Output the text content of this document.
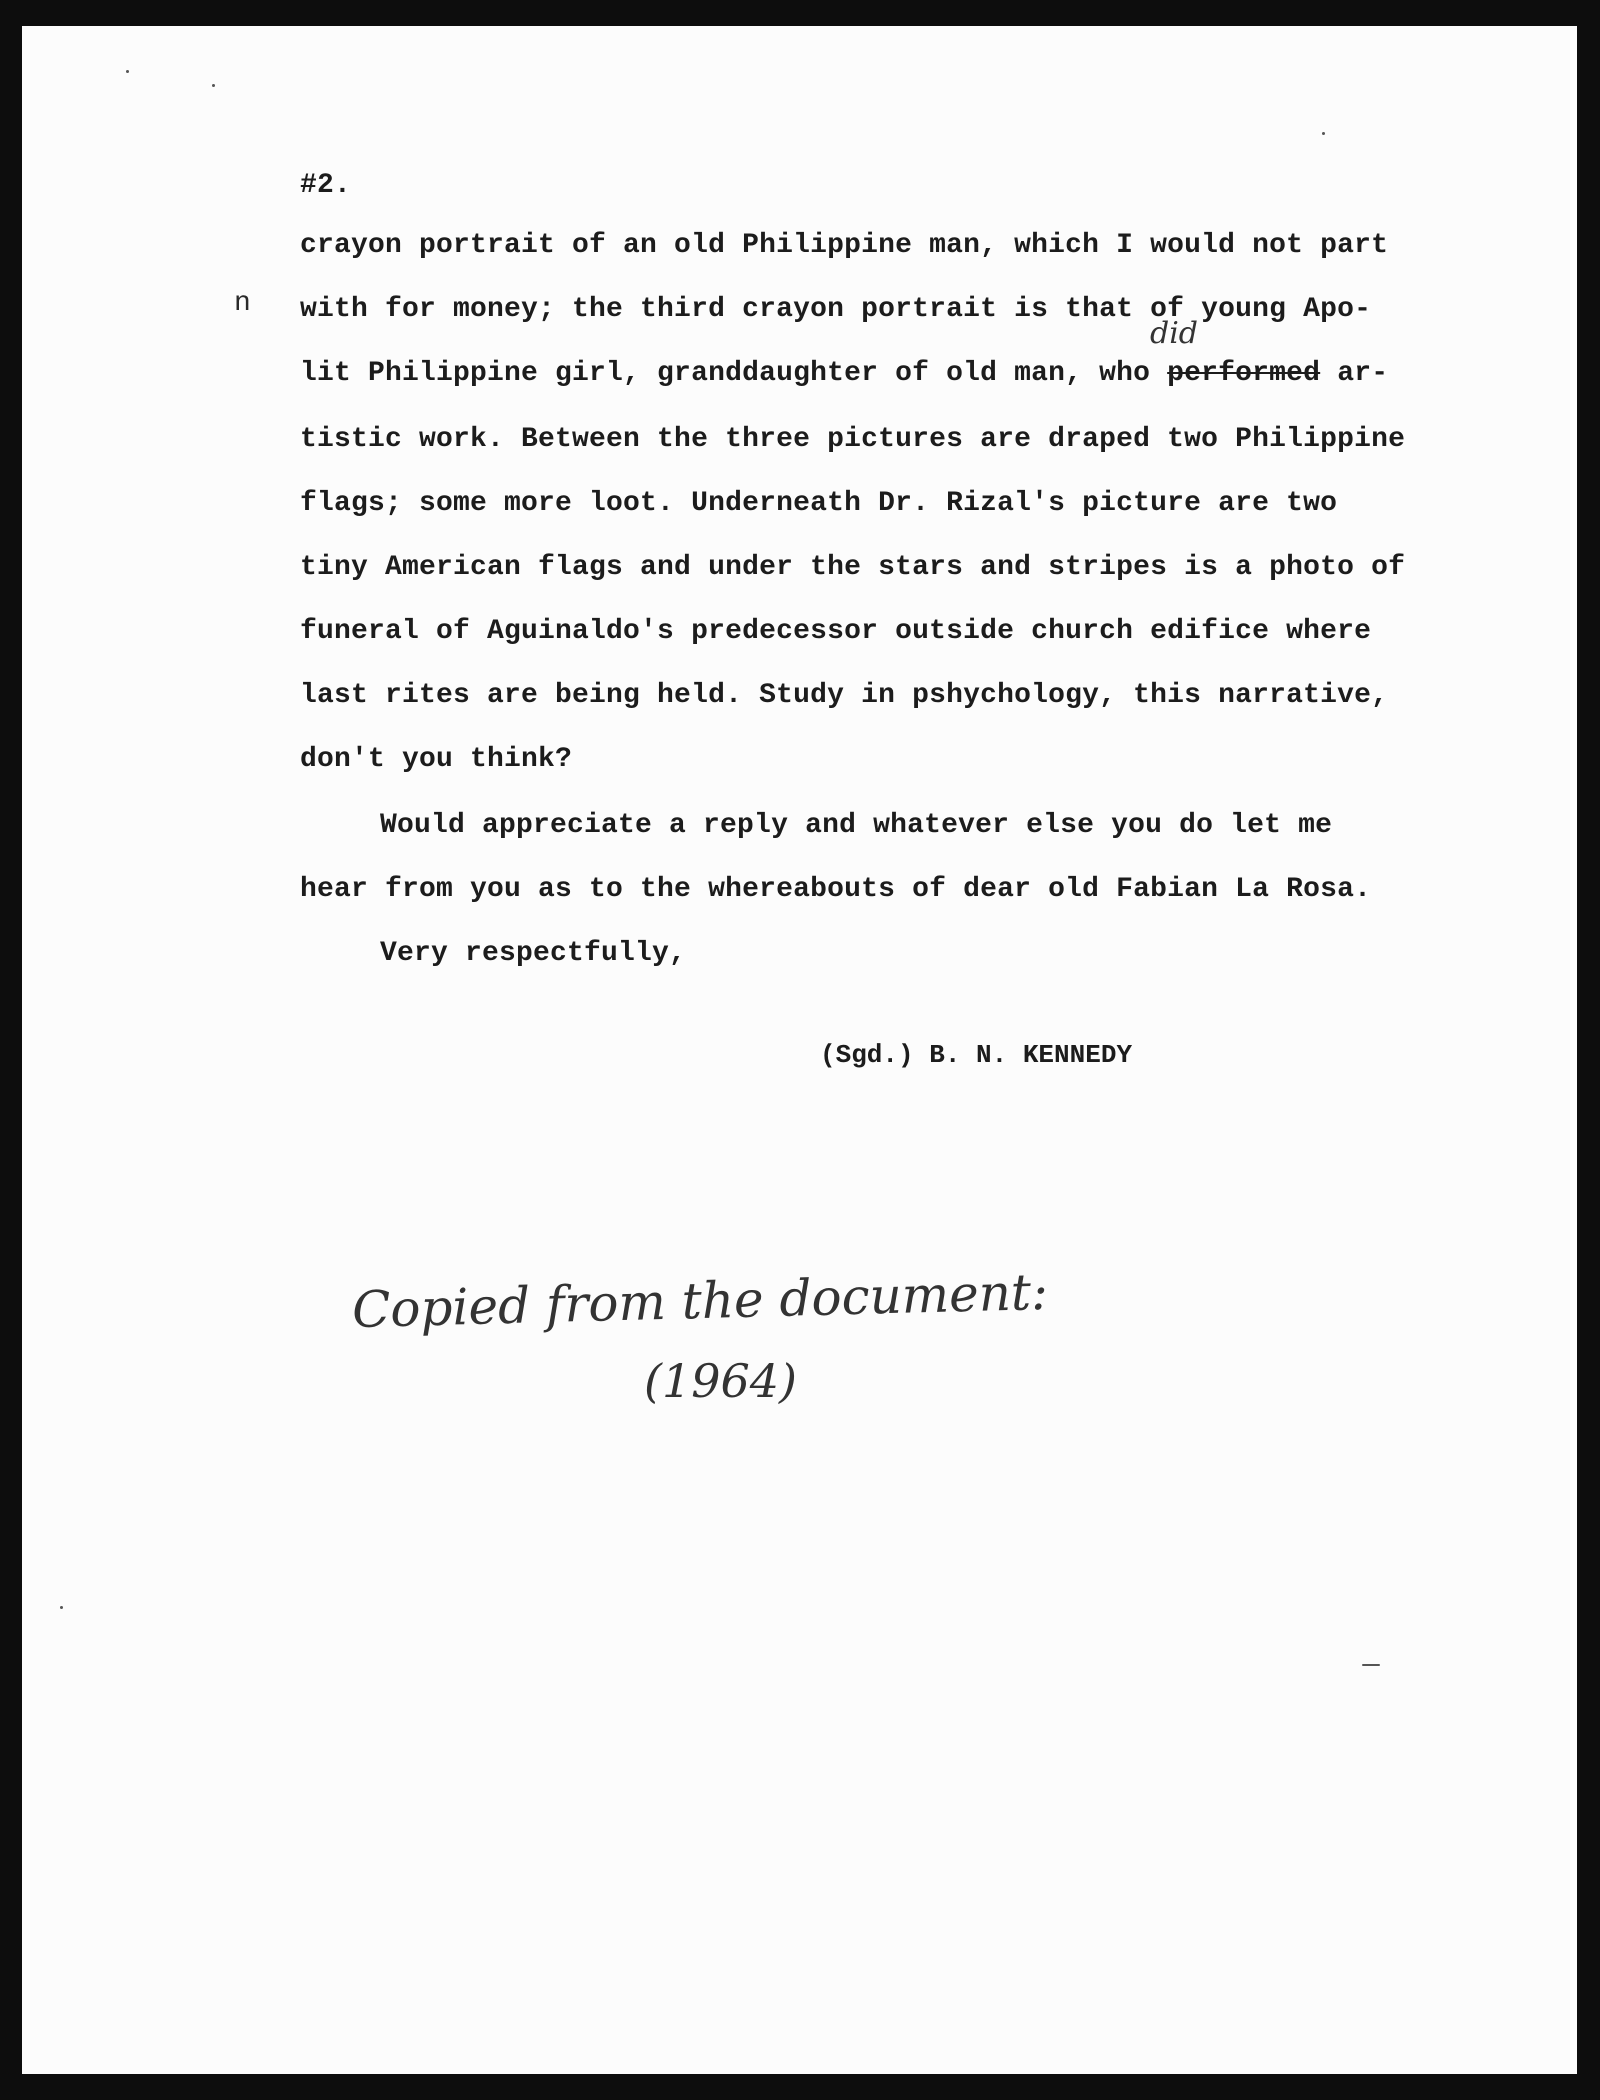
#2.
n
crayon portrait of an old Philippine man, which I would not part
with for money; the third crayon portrait is that of young Apo-
lit Philippine girl, granddaughter of old man, who performed ar-
did
tistic work. Between the three pictures are draped two Philippine
flags; some more loot. Underneath Dr. Rizal's picture are two
tiny American flags and under the stars and stripes is a photo of
funeral of Aguinaldo's predecessor outside church edifice where
last rites are being held. Study in pshychology, this narrative,
don't you think?
Would appreciate a reply and whatever else you do let me
hear from you as to the whereabouts of dear old Fabian La Rosa.
Very respectfully,
(Sgd.) B. N. KENNEDY
Copied from the document:
(1964)
